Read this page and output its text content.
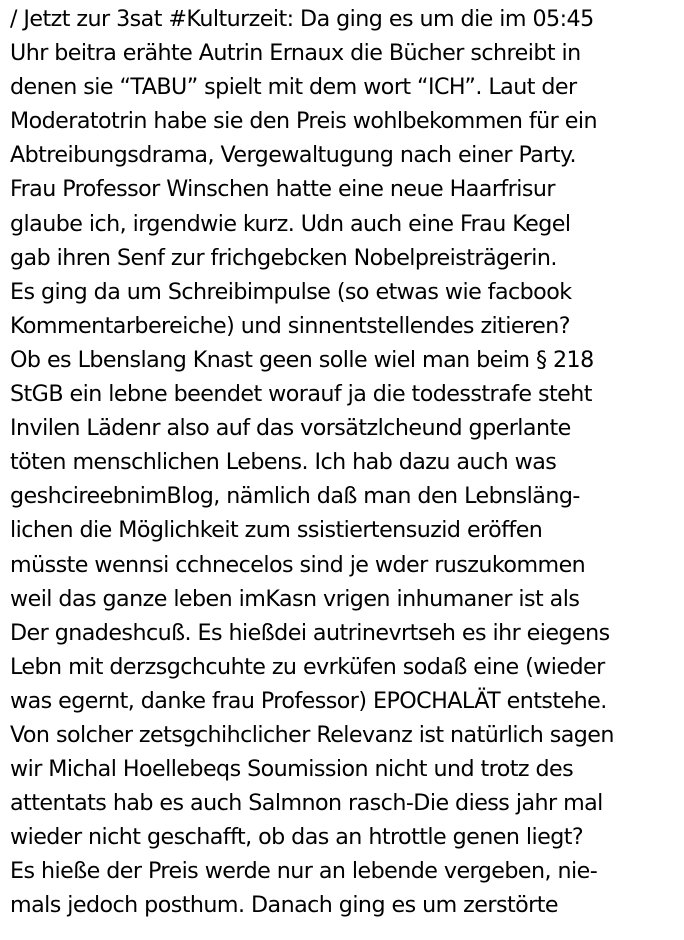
/ Jetzt zur 3sat #Kulturzeit: Da ging es um die im 05:45
Uhr beitra erähte Autrin Ernaux die Bücher schreibt in
denen sie “TABU” spielt mit dem wort “ICH”. Laut der
Moderatotrin habe sie den Preis wohlbekommen für ein
Abtreibungsdrama, Vergewaltugung nach einer Party.
Frau Professor Winschen hatte eine neue Haarfrisur
glaube ich, irgendwie kurz. Udn auch eine Frau Kegel
gab ihren Senf zur frichgebcken Nobelpreisträgerin.
Es ging da um Schreibimpulse (so etwas wie facbook
Kommentarbereiche) und sinnentstellendes zitieren?
Ob es Lbenslang Knast geen solle wiel man beim § 218
StGB ein lebne beendet worauf ja die todesstrafe steht
Invilen Lädenr also auf das vorsätzlcheund gperlante
töten menschlichen Lebens. Ich hab dazu auch was
geshcireebnimBlog, nämlich daß man den Lebnsläng-
lichen die Möglichkeit zum ssistiertensuzid eröffen
müsste wennsi cchnecelos sind je wder ruszukommen
weil das ganze leben imKasn vrigen inhumaner ist als
Der gnadeshcuß. Es hießdei autrinevrtseh es ihr eiegens
Lebn mit derzsgchcuhte zu evrküfen sodaß eine (wieder
was egernt, danke frau Professor) EPOCHALÄT entstehe.
Von solcher zetsgchihclicher Relevanz ist natürlich sagen
wir Michal Hoellebeqs Soumission nicht und trotz des
attentats hab es auch Salmnon rasch-Die diess jahr mal
wieder nicht geschafft, ob das an htrottle genen liegt?
Es hieße der Preis werde nur an lebende vergeben, nie-
mals jedoch posthum. Danach ging es um zerstörte
